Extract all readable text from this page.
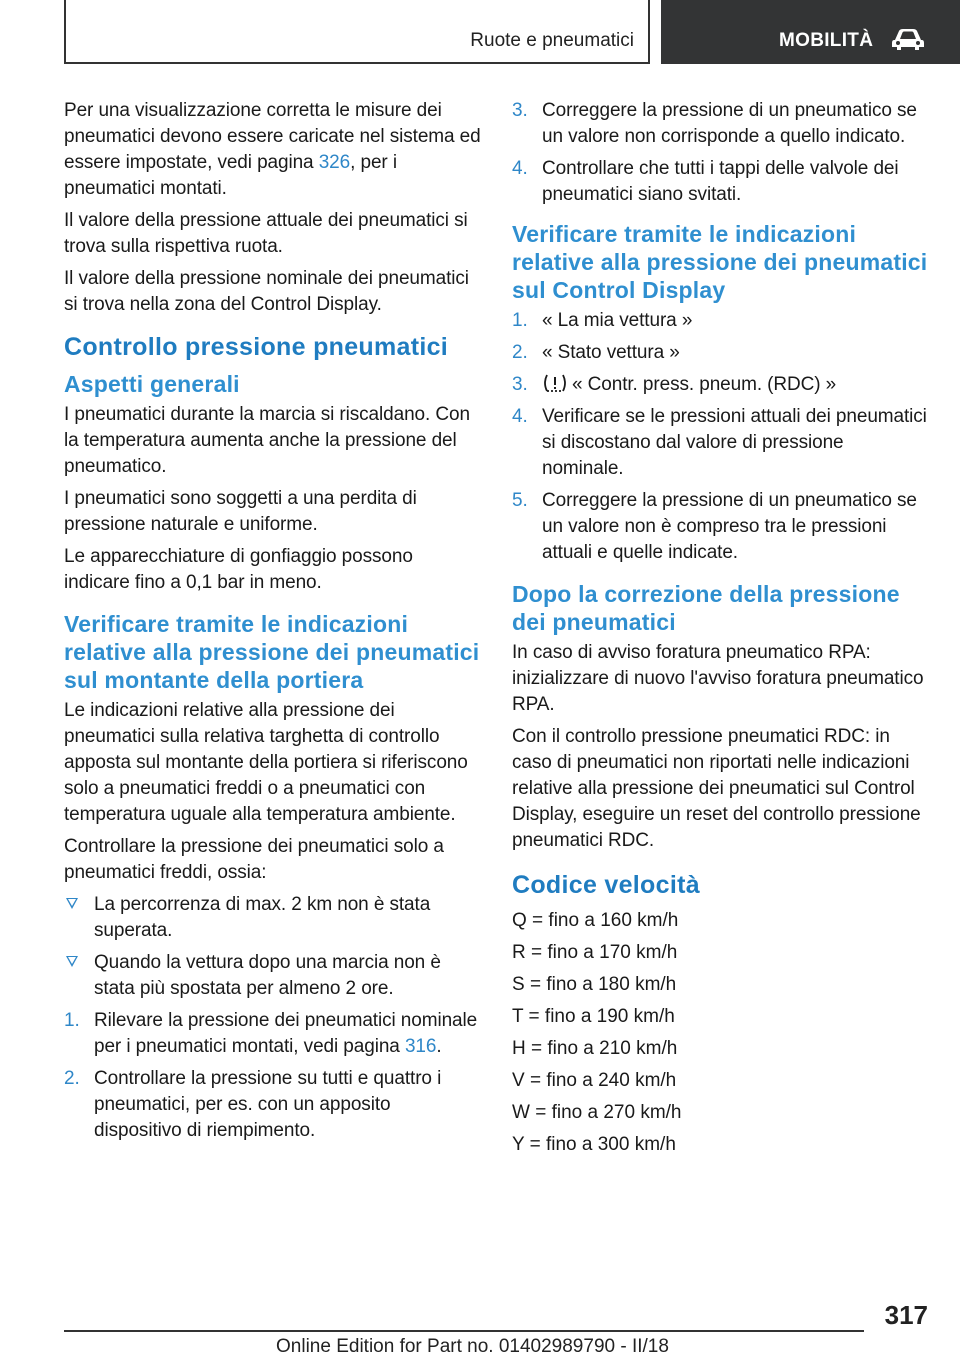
Ruote e pneumatici	MOBILITÀ

Per una visualizzazione corretta le misure dei pneumatici devono essere caricate nel sistema ed essere impostate, vedi pagina 326, per i pneumatici montati.

Il valore della pressione attuale dei pneumatici si trova sulla rispettiva ruota.

Il valore della pressione nominale dei pneumatici si trova nella zona del Control Display.

Controllo pressione pneumatici
Aspetti generali

I pneumatici durante la marcia si riscaldano. Con la temperatura aumenta anche la pressione del pneumatico.

I pneumatici sono soggetti a una perdita di pressione naturale e uniforme.

Le apparecchiature di gonfiaggio possono indicare fino a 0,1 bar in meno.

Verificare tramite le indicazioni relative alla pressione dei pneumatici sul montante della portiera

Le indicazioni relative alla pressione dei pneumatici sulla relativa targhetta di controllo apposta sul montante della portiera si riferiscono solo a pneumatici freddi o a pneumatici con temperatura uguale alla temperatura ambiente.

Controllare la pressione dei pneumatici solo a pneumatici freddi, ossia:

La percorrenza di max. 2 km non è stata superata.
Quando la vettura dopo una marcia non è stata più spostata per almeno 2 ore.
1. Rilevare la pressione dei pneumatici nominale per i pneumatici montati, vedi pagina 316.
2. Controllare la pressione su tutti e quattro i pneumatici, per es. con un apposito dispositivo di riempimento.
3. Correggere la pressione di un pneumatico se un valore non corrisponde a quello indicato.
4. Controllare che tutti i tappi delle valvole dei pneumatici siano svitati.
Verificare tramite le indicazioni relative alla pressione dei pneumatici sul Control Display
1. « La mia vettura »
2. « Stato vettura »
3. « Contr. press. pneum. (RDC) »
4. Verificare se le pressioni attuali dei pneumatici si discostano dal valore di pressione nominale.
5. Correggere la pressione di un pneumatico se un valore non è compreso tra le pressioni attuali e quelle indicate.
Dopo la correzione della pressione dei pneumatici

In caso di avviso foratura pneumatico RPA: inizializzare di nuovo l'avviso foratura pneumatico RPA.

Con il controllo pressione pneumatici RDC: in caso di pneumatici non riportati nelle indicazioni relative alla pressione dei pneumatici sul Control Display, eseguire un reset del controllo pressione pneumatici RDC.

Codice velocità

Q = fino a 160 km/h

R = fino a 170 km/h

S = fino a 180 km/h

T = fino a 190 km/h

H = fino a 210 km/h

V = fino a 240 km/h

W = fino a 270 km/h

Y = fino a 300 km/h

317
Online Edition for Part no. 01402989790 - II/18
